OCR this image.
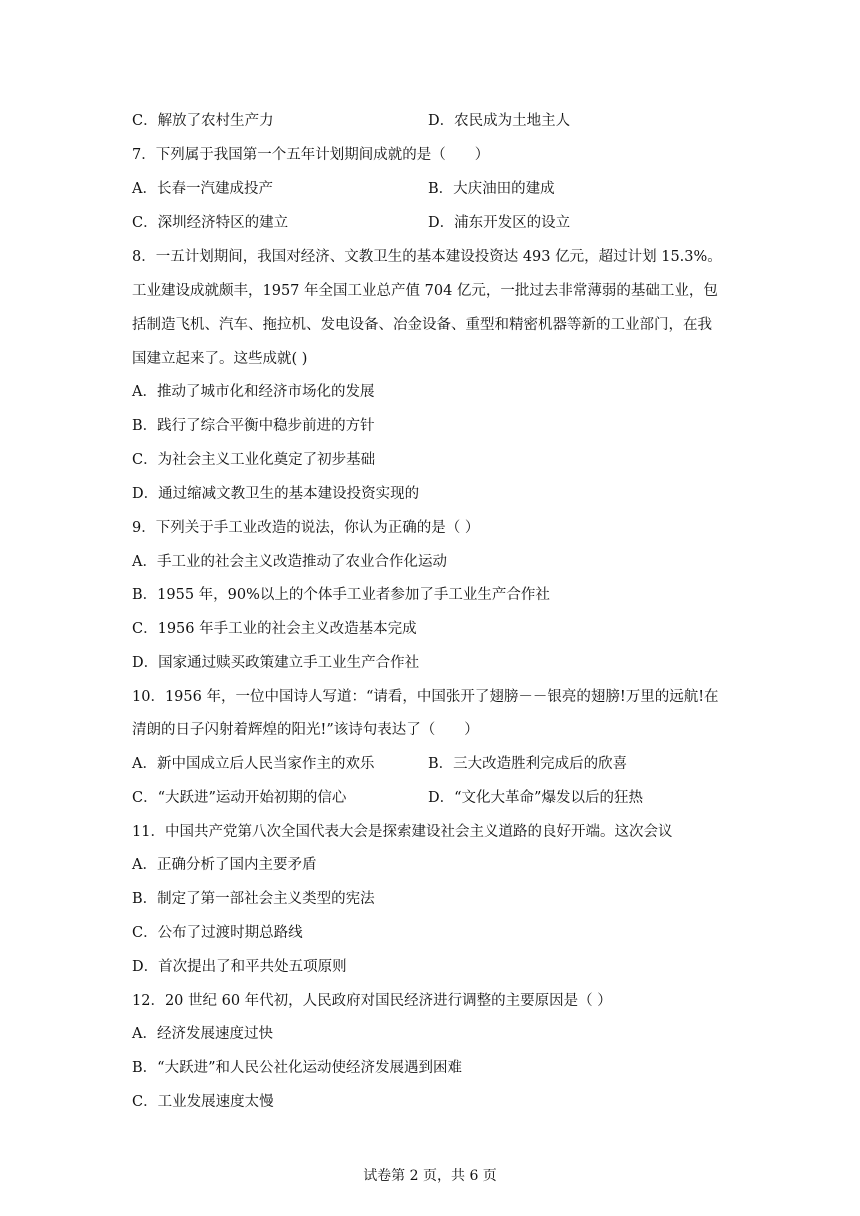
C．解放了农村生产力	D．农民成为土地主人
7．下列属于我国第一个五年计划期间成就的是（　　）
A．长春一汽建成投产	B．大庆油田的建成
C．深圳经济特区的建立	D．浦东开发区的设立
8．一五计划期间，我国对经济、文教卫生的基本建设投资达 493 亿元，超过计划 15.3%。
工业建设成就颇丰，1957 年全国工业总产值 704 亿元，一批过去非常薄弱的基础工业，包
括制造飞机、汽车、拖拉机、发电设备、冶金设备、重型和精密机器等新的工业部门，在我
国建立起来了。这些成就( )
A．推动了城市化和经济市场化的发展
B．践行了综合平衡中稳步前进的方针
C．为社会主义工业化奠定了初步基础
D．通过缩减文教卫生的基本建设投资实现的
9．下列关于手工业改造的说法，你认为正确的是（ ）
A．手工业的社会主义改造推动了农业合作化运动
B．1955 年，90%以上的个体手工业者参加了手工业生产合作社
C．1956 年手工业的社会主义改造基本完成
D．国家通过赎买政策建立手工业生产合作社
10．1956 年，一位中国诗人写道：“请看，中国张开了翅膀－－银亮的翅膀!万里的远航!在
清朗的日子闪射着辉煌的阳光!”该诗句表达了（　　）
A．新中国成立后人民当家作主的欢乐	B．三大改造胜利完成后的欣喜
C．“大跃进”运动开始初期的信心	D．“文化大革命”爆发以后的狂热
11．中国共产党第八次全国代表大会是探索建设社会主义道路的良好开端。这次会议
A．正确分析了国内主要矛盾
B．制定了第一部社会主义类型的宪法
C．公布了过渡时期总路线
D．首次提出了和平共处五项原则
12．20 世纪 60 年代初，人民政府对国民经济进行调整的主要原因是（ ）
A．经济发展速度过快
B．“大跃进”和人民公社化运动使经济发展遇到困难
C．工业发展速度太慢
试卷第 2 页，共 6 页
